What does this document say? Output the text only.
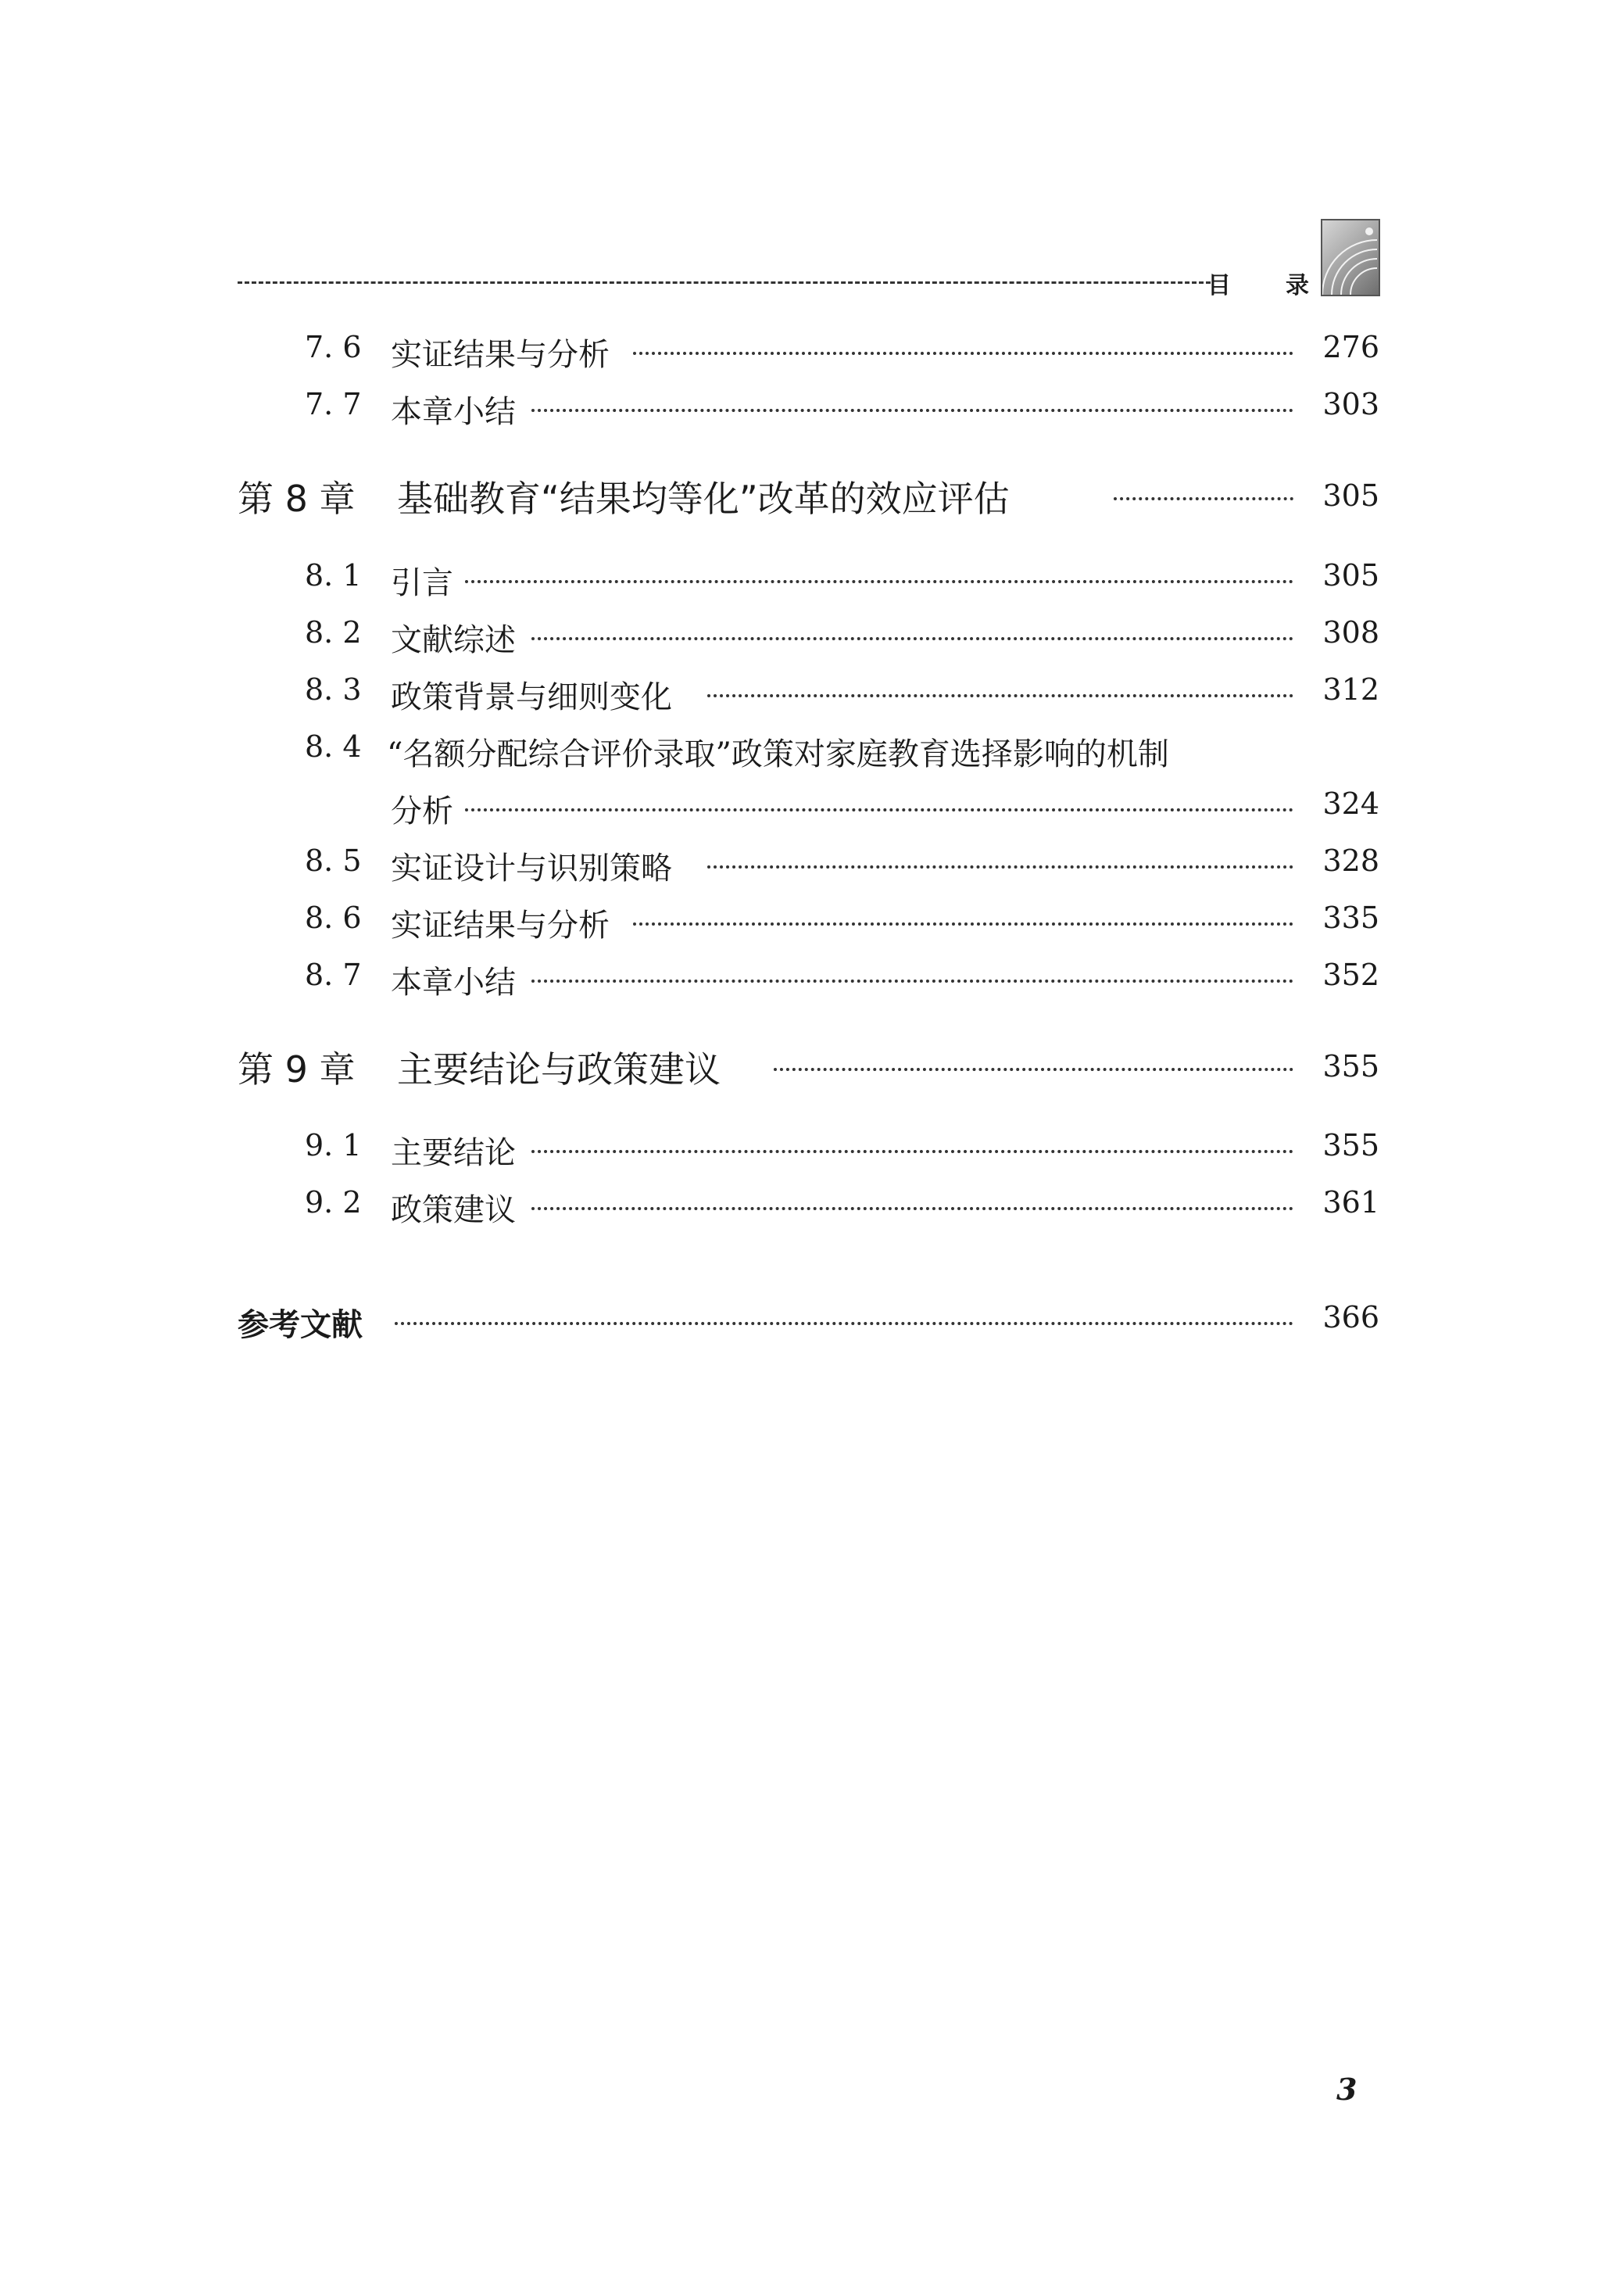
目 录
7. 6 实证结果与分析	276
7. 7 本章小结	303
第 8 章 基础教育“结果均等化”改革的效应评估	305
8. 1 引言	305
8. 2 文献综述	308
8. 3 政策背景与细则变化	312
8. 4 “名额分配综合评价录取”政策对家庭教育选择影响的机制
分析	324
8. 5 实证设计与识别策略	328
8. 6 实证结果与分析	335
8. 7 本章小结	352
第 9 章 主要结论与政策建议	355
9. 1 主要结论	355
9. 2 政策建议	361
参考文献	366
3
